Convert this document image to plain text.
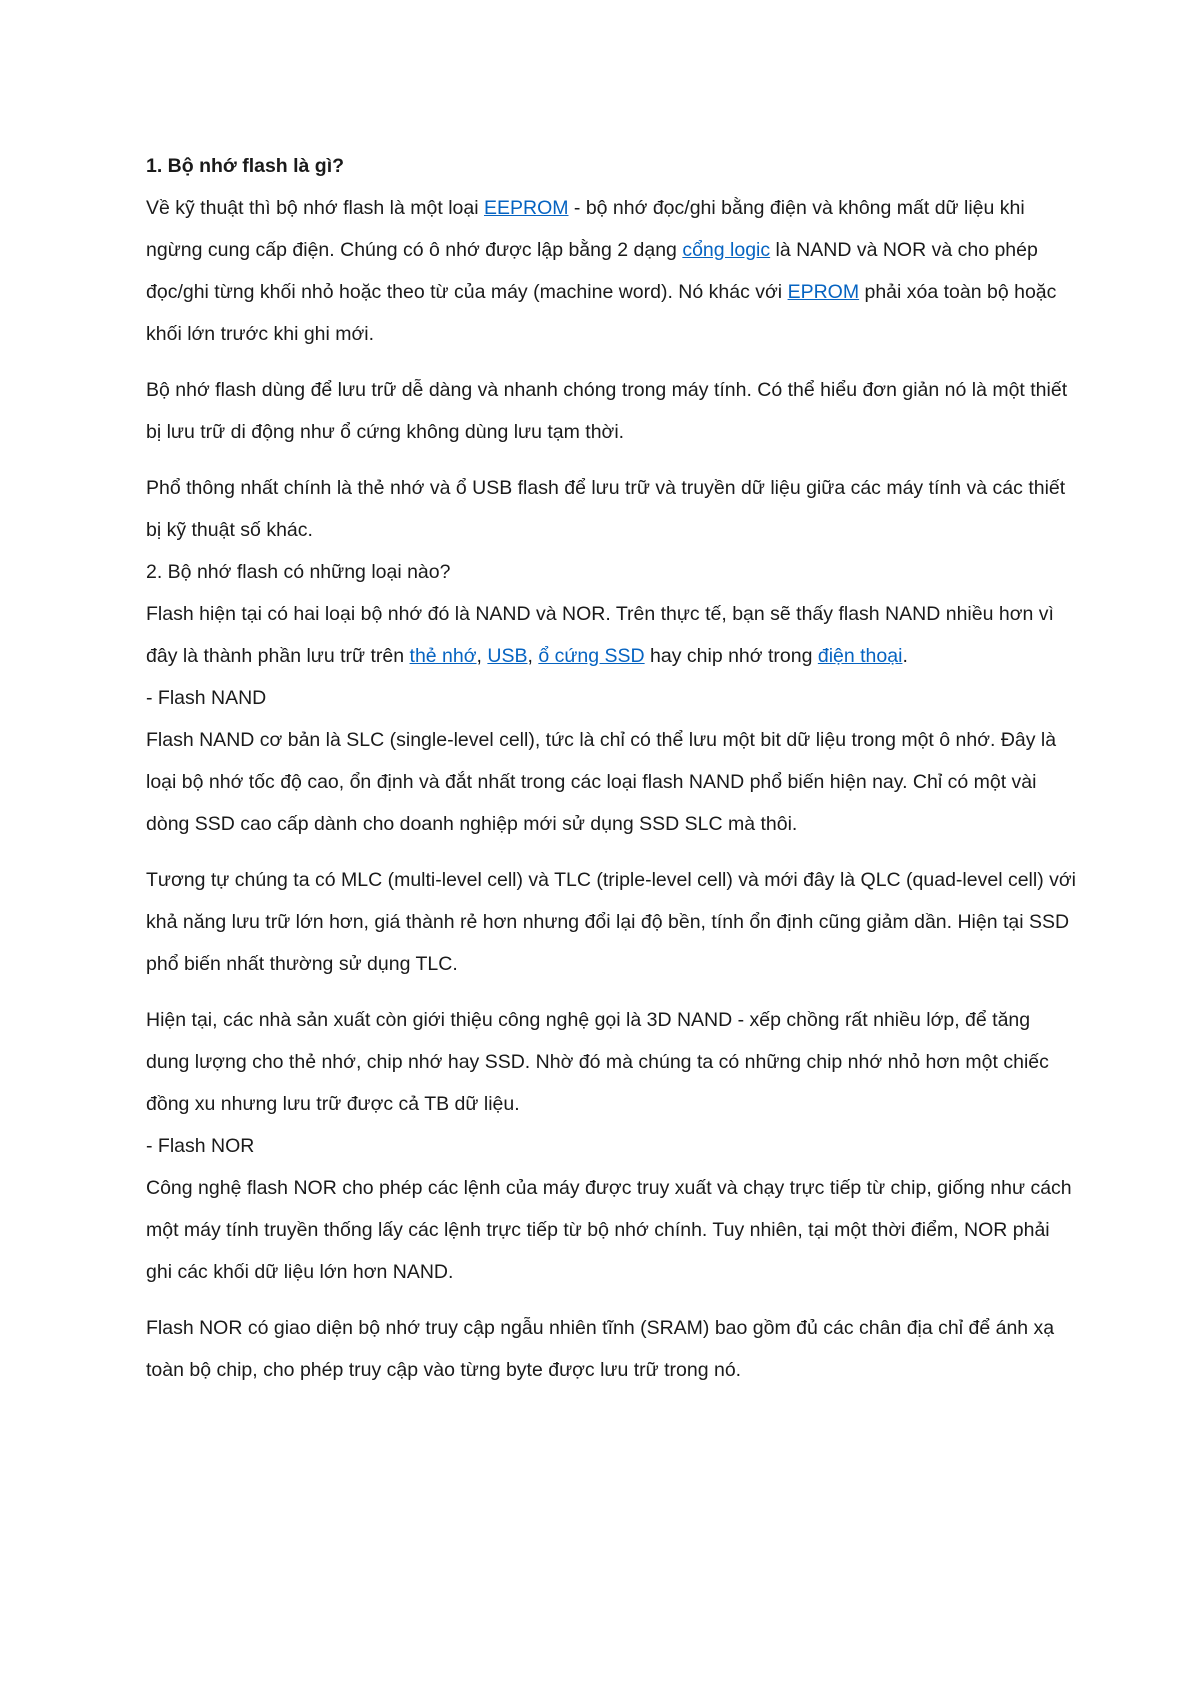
1. Bộ nhớ flash là gì?

Về kỹ thuật thì bộ nhớ flash là một loại EEPROM - bộ nhớ đọc/ghi bằng điện và không mất dữ liệu khi ngừng cung cấp điện. Chúng có ô nhớ được lập bằng 2 dạng cổng logic là NAND và NOR và cho phép đọc/ghi từng khối nhỏ hoặc theo từ của máy (machine word). Nó khác với EPROM phải xóa toàn bộ hoặc khối lớn trước khi ghi mới.

Bộ nhớ flash dùng để lưu trữ dễ dàng và nhanh chóng trong máy tính. Có thể hiểu đơn giản nó là một thiết bị lưu trữ di động như ổ cứng không dùng lưu tạm thời.

Phổ thông nhất chính là thẻ nhớ và ổ USB flash để lưu trữ và truyền dữ liệu giữa các máy tính và các thiết bị kỹ thuật số khác.

2. Bộ nhớ flash có những loại nào?

Flash hiện tại có hai loại bộ nhớ đó là NAND và NOR. Trên thực tế, bạn sẽ thấy flash NAND nhiều hơn vì đây là thành phần lưu trữ trên thẻ nhớ, USB, ổ cứng SSD hay chip nhớ trong điện thoại.

- Flash NAND

Flash NAND cơ bản là SLC (single-level cell), tức là chỉ có thể lưu một bit dữ liệu trong một ô nhớ. Đây là loại bộ nhớ tốc độ cao, ổn định và đắt nhất trong các loại flash NAND phổ biến hiện nay. Chỉ có một vài dòng SSD cao cấp dành cho doanh nghiệp mới sử dụng SSD SLC mà thôi.

Tương tự chúng ta có MLC (multi-level cell) và TLC (triple-level cell) và mới đây là QLC (quad-level cell) với khả năng lưu trữ lớn hơn, giá thành rẻ hơn nhưng đổi lại độ bền, tính ổn định cũng giảm dần. Hiện tại SSD phổ biến nhất thường sử dụng TLC.

Hiện tại, các nhà sản xuất còn giới thiệu công nghệ gọi là 3D NAND - xếp chồng rất nhiều lớp, để tăng dung lượng cho thẻ nhớ, chip nhớ hay SSD. Nhờ đó mà chúng ta có những chip nhớ nhỏ hơn một chiếc đồng xu nhưng lưu trữ được cả TB dữ liệu.

- Flash NOR

Công nghệ flash NOR cho phép các lệnh của máy được truy xuất và chạy trực tiếp từ chip, giống như cách một máy tính truyền thống lấy các lệnh trực tiếp từ bộ nhớ chính. Tuy nhiên, tại một thời điểm, NOR phải ghi các khối dữ liệu lớn hơn NAND.

Flash NOR có giao diện bộ nhớ truy cập ngẫu nhiên tĩnh (SRAM) bao gồm đủ các chân địa chỉ để ánh xạ toàn bộ chip, cho phép truy cập vào từng byte được lưu trữ trong nó.
